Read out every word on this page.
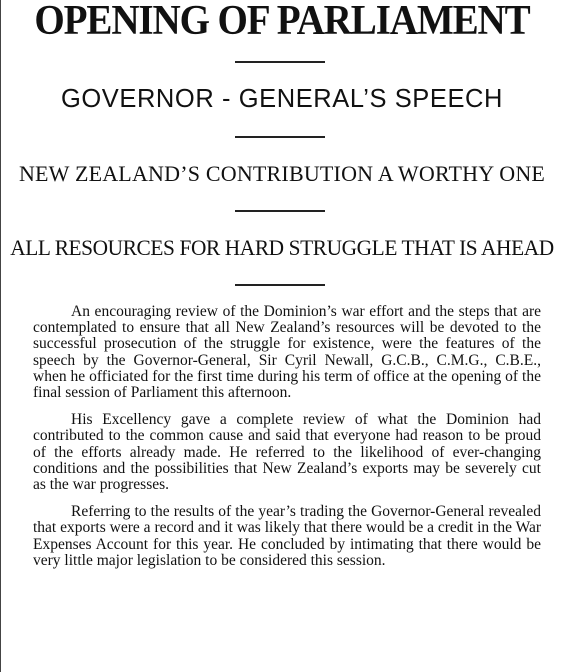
OPENING OF PARLIAMENT
GOVERNOR - GENERAL’S SPEECH
NEW ZEALAND’S CONTRIBUTION A WORTHY ONE
ALL RESOURCES FOR HARD STRUGGLE THAT IS AHEAD

An encouraging review of the Dominion’s war effort and the steps that are contemplated to ensure that all New Zealand’s resources will be devoted to the successful prosecution of the struggle for existence, were the features of the speech by the Governor-General, Sir Cyril Newall, G.C.B., C.M.G., C.B.E., when he officiated for the first time during his term of office at the opening of the final session of Parliament this afternoon.

His Excellency gave a complete review of what the Dominion had contributed to the common cause and said that everyone had reason to be proud of the efforts already made. He referred to the likelihood of ever-changing conditions and the possibilities that New Zealand’s exports may be severely cut as the war progresses.

Referring to the results of the year’s trading the Governor-General revealed that exports were a record and it was likely that there would be a credit in the War Expenses Account for this year. He concluded by intimating that there would be very little major legislation to be considered this session.
